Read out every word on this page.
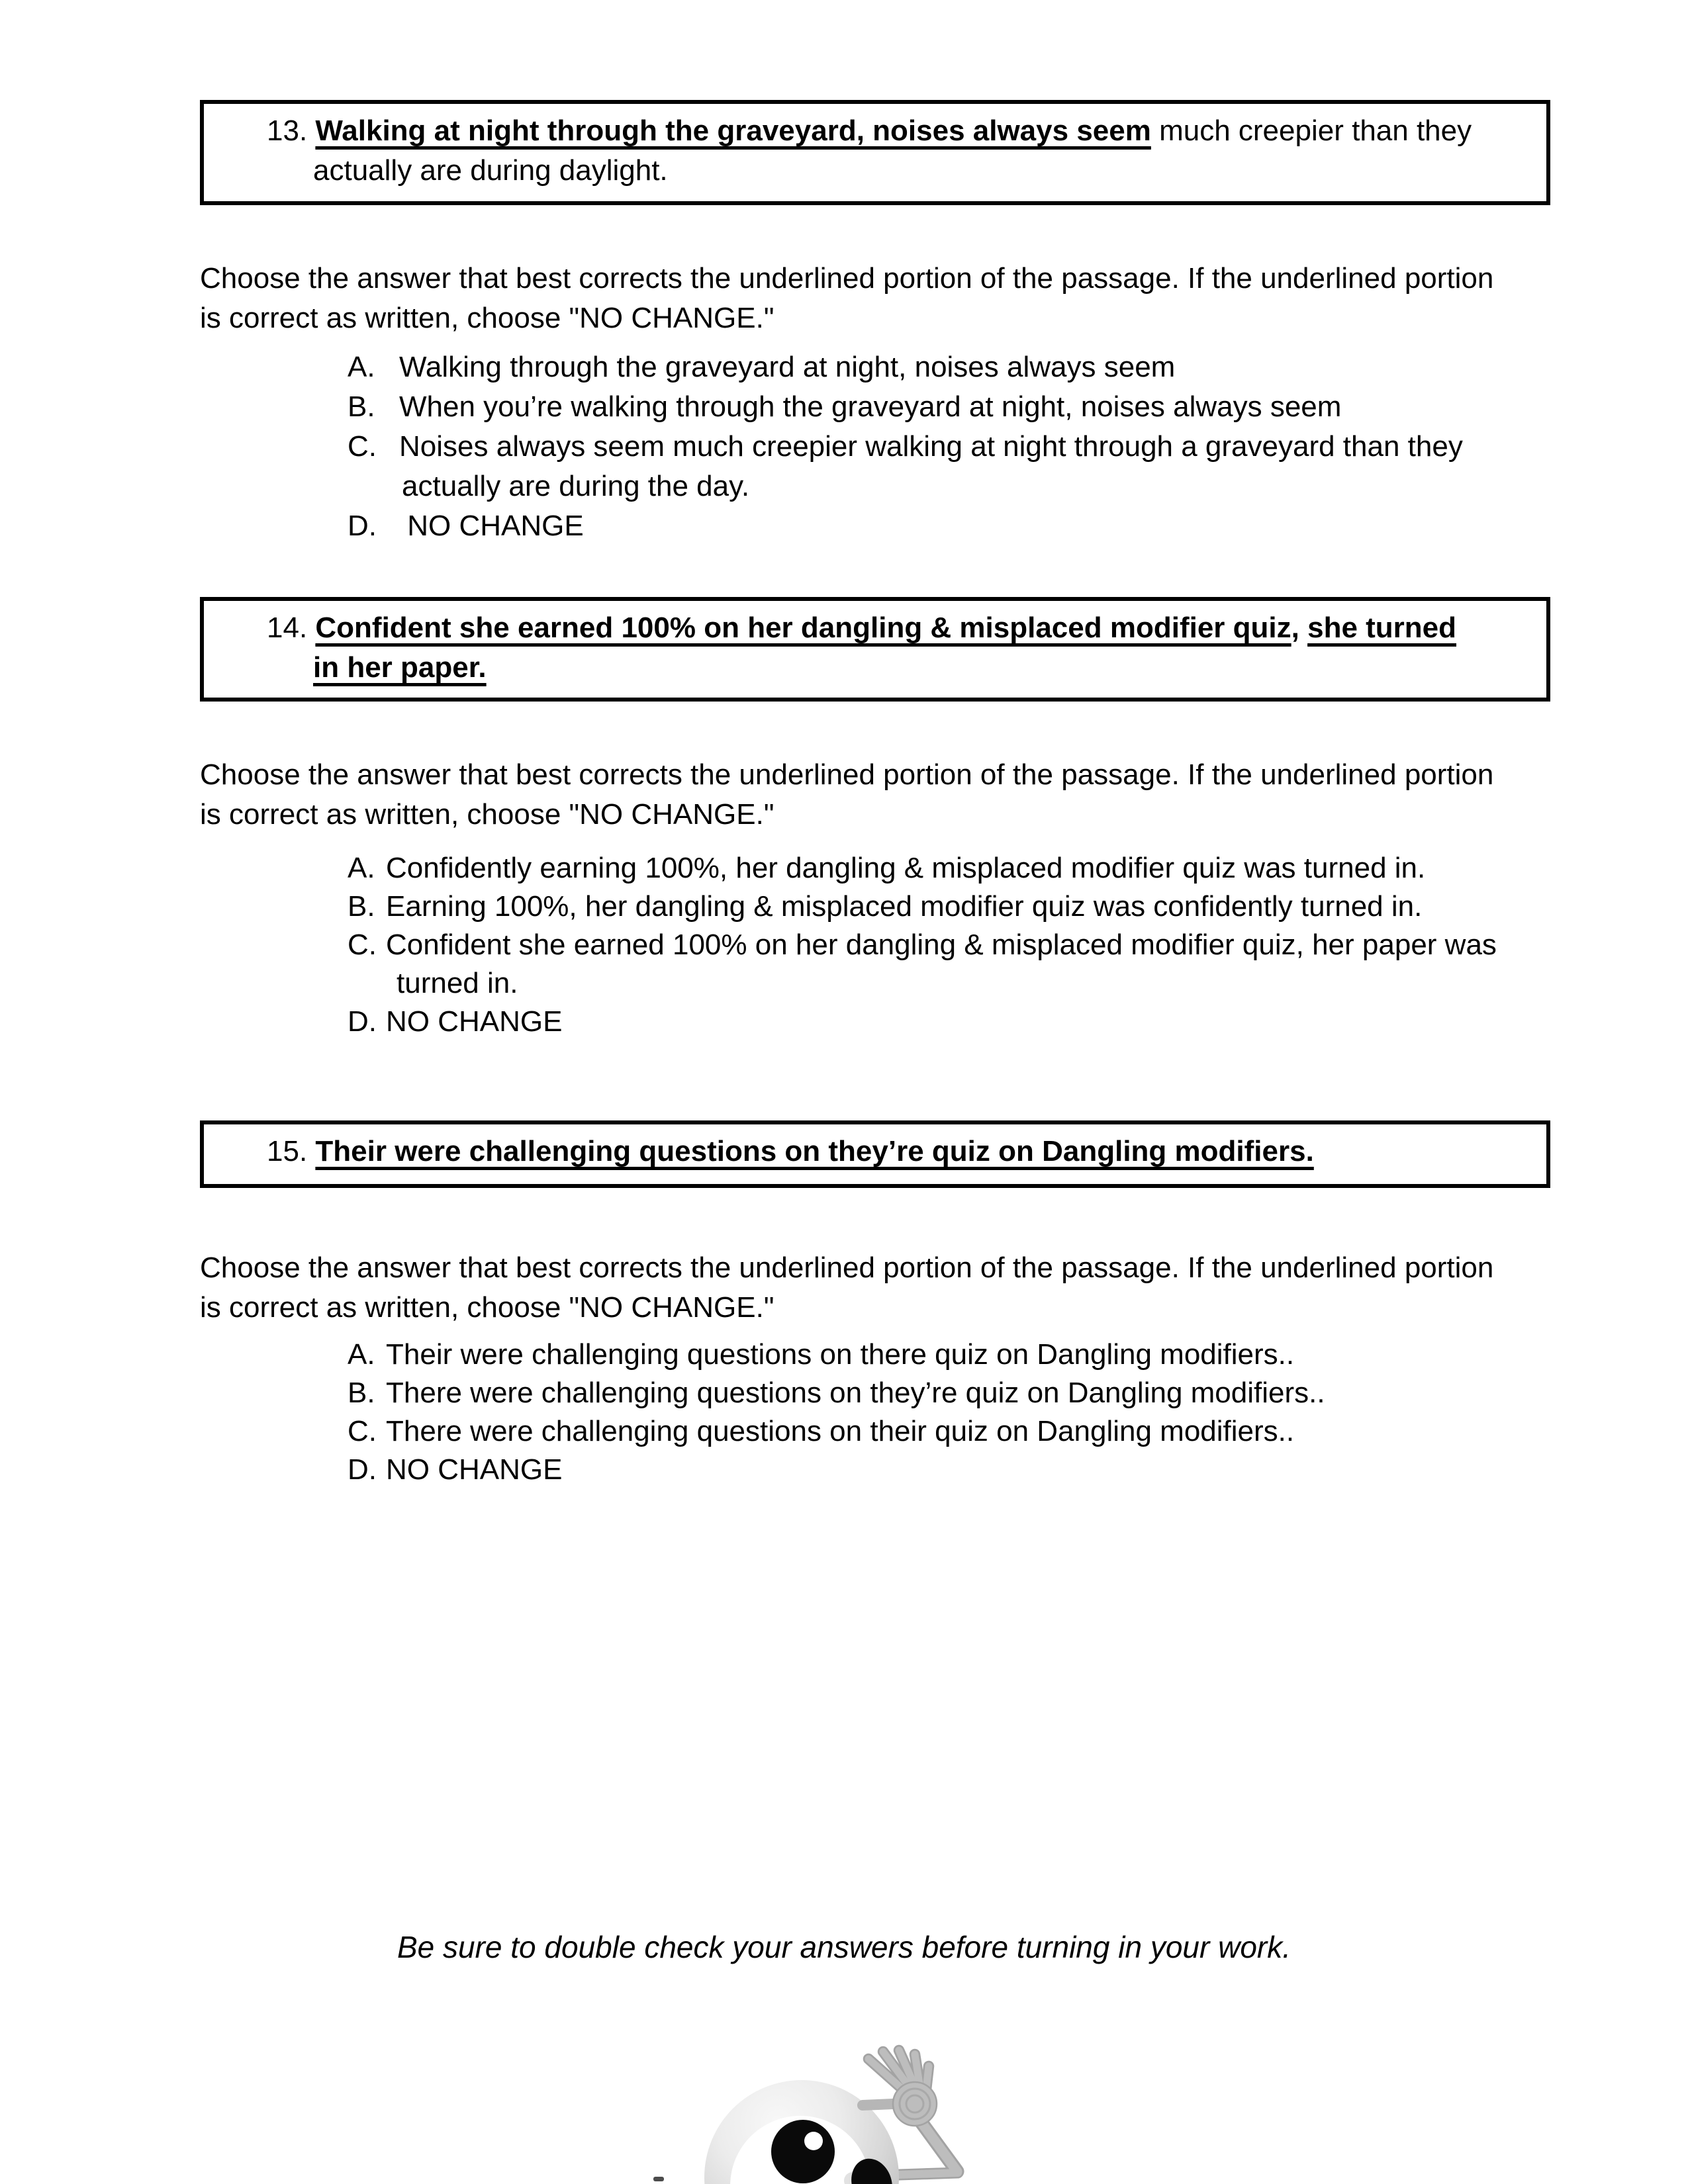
13. Walking at night through the graveyard, noises always seem much creepier than they
actually are during daylight.

Choose the answer that best corrects the underlined portion of the passage. If the underlined portion
is correct as written, choose "NO CHANGE."

A. Walking through the graveyard at night, noises always seem
B. When you’re walking through the graveyard at night, noises always seem
C. Noises always seem much creepier walking at night through a graveyard than they
actually are during the day.
D. NO CHANGE
14. Confident she earned 100% on her dangling & misplaced modifier quiz, she turned
in her paper.

Choose the answer that best corrects the underlined portion of the passage. If the underlined portion
is correct as written, choose "NO CHANGE."

A. Confidently earning 100%, her dangling & misplaced modifier quiz was turned in.
B. Earning 100%, her dangling & misplaced modifier quiz was confidently turned in.
C. Confident she earned 100% on her dangling & misplaced modifier quiz, her paper was
turned in.
D. NO CHANGE
15. Their were challenging questions on they’re quiz on Dangling modifiers.

Choose the answer that best corrects the underlined portion of the passage. If the underlined portion
is correct as written, choose "NO CHANGE."

A. Their were challenging questions on there quiz on Dangling modifiers..
B. There were challenging questions on they’re quiz on Dangling modifiers..
C. There were challenging questions on their quiz on Dangling modifiers..
D. NO CHANGE
Be sure to double check your answers before turning in your work.
